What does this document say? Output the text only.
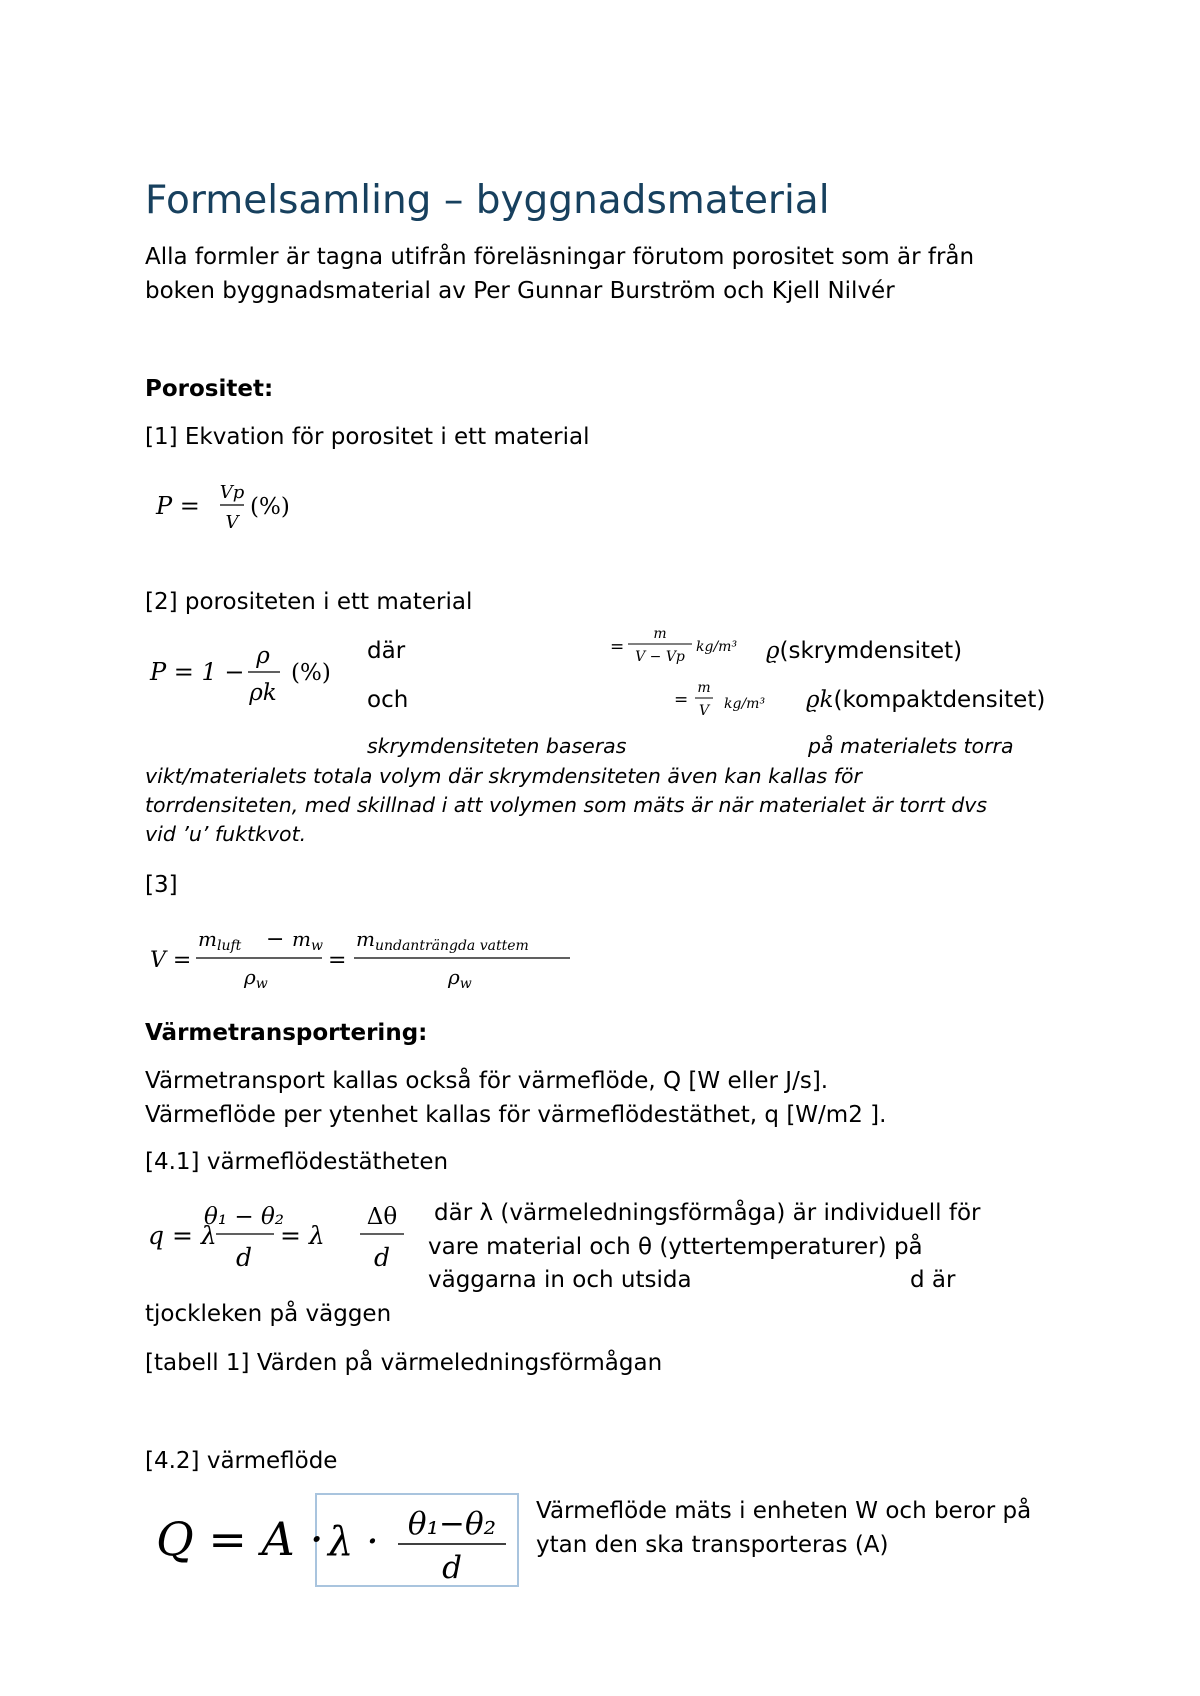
Formelsamling – byggnadsmaterial
Alla formler är tagna utifrån föreläsningar förutom porositet som är från
boken byggnadsmaterial av Per Gunnar Burström och Kjell Nilvér
Porositet:
[1] Ekvation för porositet i ett material
P = Vp
V
(%)
[2] porositeten i ett material
P = 1 −
ρ
ρk
(%)
där
och
=
m
V − Vp
kg/m³ ϱ(skrymdensitet)
=
m
V kg/m³ ϱk(kompaktdensitet)
skrymdensiteten baseras	på materialets torra
vikt/materialets totala volym där skrymdensiteten även kan kallas för
torrdensiteten, med skillnad i att volymen som mäts är när materialet är torrt dvs
vid ’u’ fuktkvot.
[3]
V =
$m_{luft} - m_w$
$\rho_w$
=
$m_{undanträngda vattem}$
$\rho_w$
Värmetransportering:
Värmetransport kallas också för värmeflöde, Q [W eller J/s].
Värmeflöde per ytenhet kallas för värmeflödestäthet, q [W/m2 ].
[4.1] värmeflödestätheten
q = λ
θ₁ − θ₂
d
= λ
Δθ
d
där λ (värmeledningsförmåga) är individuell för
vare material och θ (yttertemperaturer) på
väggarna in och utsida	d är
tjockleken på väggen
[tabell 1] Värden på värmeledningsförmågan
[4.2] värmeflöde
Q = A · λ · θ₁−θ₂
d
Värmeflöde mäts i enheten W och beror på
ytan den ska transporteras (A)
